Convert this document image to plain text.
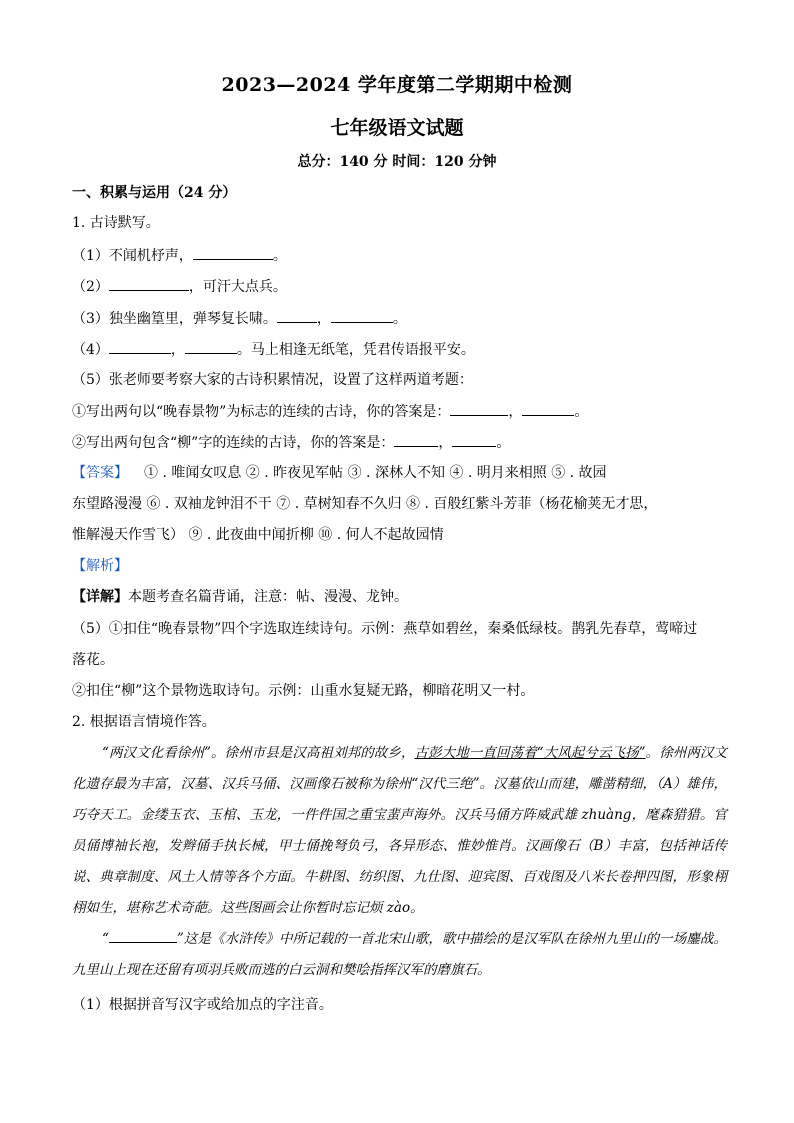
2023—2024 学年度第二学期期中检测
七年级语文试题
总分：140 分 时间：120 分钟
一、积累与运用（24 分）
1. 古诗默写。
（1）不闻机杼声，	。
（2）	，可汗大点兵。
（3）独坐幽篁里，弹琴复长啸。	，	。
（4）	，	。马上相逢无纸笔，凭君传语报平安。
（5）张老师要考察大家的古诗积累情况，设置了这样两道考题：
①写出两句以“晚春景物”为标志的连续的古诗，你的答案是：	，	。
②写出两句包含“柳”字的连续的古诗，你的答案是：	，	。
【答案】 ① . 唯闻女叹息 ② . 昨夜见军帖 ③ . 深林人不知 ④ . 明月来相照 ⑤ . 故园
东望路漫漫 ⑥ . 双袖龙钟泪不干 ⑦ . 草树知春不久归 ⑧ . 百般红紫斗芳菲（杨花榆荚无才思，
惟解漫天作雪飞） ⑨ . 此夜曲中闻折柳 ⑩ . 何人不起故园情
【解析】
【详解】本题考查名篇背诵，注意：帖、漫漫、龙钟。
（5）①扣住“晚春景物”四个字选取连续诗句。示例：燕草如碧丝，秦桑低绿枝。鹊乳先春草，莺啼过
落花。
②扣住“柳”这个景物选取诗句。示例：山重水复疑无路，柳暗花明又一村。
2. 根据语言情境作答。
“两汉文化看徐州”。徐州市县是汉高祖刘邦的故乡，古彭大地一直回荡着“大风起兮云飞扬”。徐州两汉文化遗存最为丰富，汉墓、汉兵马俑、汉画像石被称为徐州“汉代三绝”。汉墓依山而建，雕凿精细，（A）雄伟，巧夺天工。金缕玉衣、玉棺、玉龙，一件件国之重宝蜚声海外。汉兵马俑方阵威武雄 zhuàng，麾森猎猎。官员俑博袖长袍，发辫俑手执长械，甲士俑挽弩负弓，各异形态、惟妙惟肖。汉画像石（B）丰富，包括神话传说、典章制度、风土人情等各个方面。牛耕图、纺织图、九仕图、迎宾图、百戏图及八米长卷押四图，形象栩栩如生，堪称艺术奇葩。这些图画会让你暂时忘记烦 zào。
“	”这是《水浒传》中所记载的一首北宋山歌，歌中描绘的是汉军队在徐州九里山的一场鏖战。九里山上现在还留有项羽兵败而逃的白云洞和樊哙指挥汉军的磨旗石。
（1）根据拼音写汉字或给加点的字注音。
